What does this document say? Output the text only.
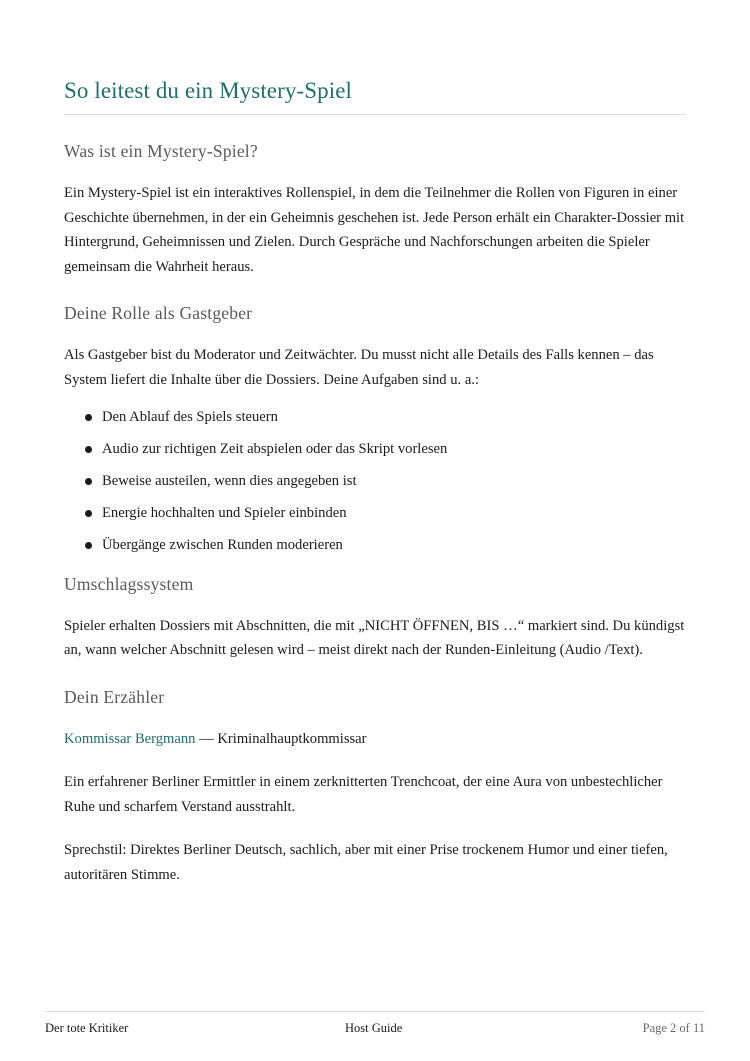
So leitest du ein Mystery-Spiel
Was ist ein Mystery-Spiel?

Ein Mystery-Spiel ist ein interaktives Rollenspiel, in dem die Teilnehmer die Rollen von Figuren in einer Geschichte übernehmen, in der ein Geheimnis geschehen ist. Jede Person erhält ein Charakter-Dossier mit Hintergrund, Geheimnissen und Zielen. Durch Gespräche und Nachforschungen arbeiten die Spieler gemeinsam die Wahrheit heraus.

Deine Rolle als Gastgeber

Als Gastgeber bist du Moderator und Zeitwächter. Du musst nicht alle Details des Falls kennen – das System liefert die Inhalte über die Dossiers. Deine Aufgaben sind u. a.:

Den Ablauf des Spiels steuern
Audio zur richtigen Zeit abspielen oder das Skript vorlesen
Beweise austeilen, wenn dies angegeben ist
Energie hochhalten und Spieler einbinden
Übergänge zwischen Runden moderieren
Umschlagssystem

Spieler erhalten Dossiers mit Abschnitten, die mit „NICHT ÖFFNEN, BIS …“ markiert sind. Du kündigst an, wann welcher Abschnitt gelesen wird – meist direkt nach der Runden-Einleitung (Audio /Text).

Dein Erzähler

Kommissar Bergmann — Kriminalhauptkommissar

Ein erfahrener Berliner Ermittler in einem zerknitterten Trenchcoat, der eine Aura von unbestechlicher Ruhe und scharfem Verstand ausstrahlt.

Sprechstil: Direktes Berliner Deutsch, sachlich, aber mit einer Prise trockenem Humor und einer tiefen, autoritären Stimme.

Der tote Kritiker	Host Guide	Page 2 of 11
